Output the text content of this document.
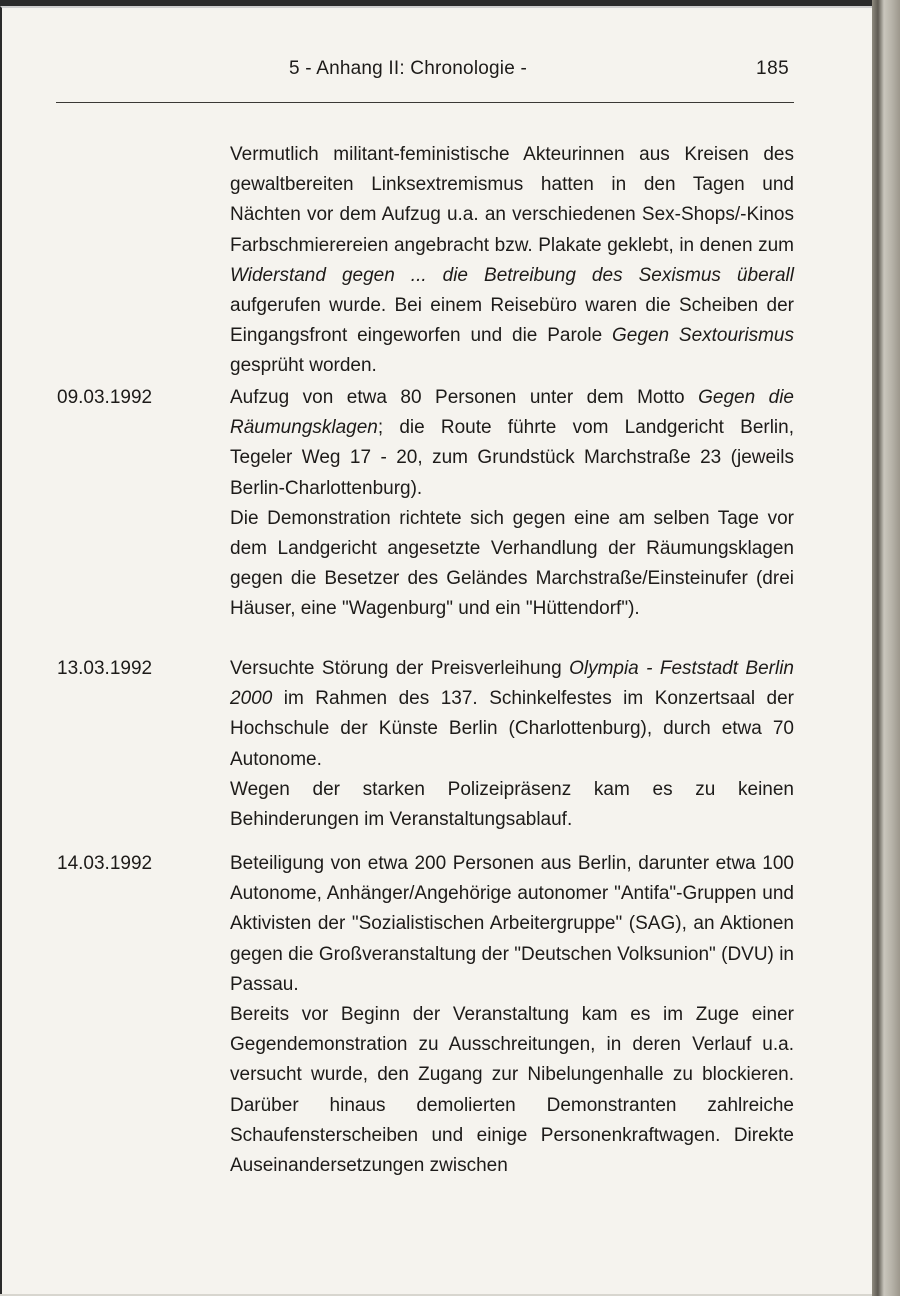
5 - Anhang II: Chronologie -	185

Vermutlich militant-feministische Akteurinnen aus Kreisen des gewaltbereiten Linksextremismus hatten in den Tagen und Nächten vor dem Aufzug u.a. an verschiedenen Sex-Shops/-Kinos Farbschmierereien angebracht bzw. Plakate geklebt, in denen zum Widerstand gegen ... die Betreibung des Sexismus überall aufgerufen wurde. Bei einem Reisebüro waren die Scheiben der Eingangsfront eingeworfen und die Parole Gegen Sextourismus gesprüht worden.

09.03.1992	Aufzug von etwa 80 Personen unter dem Motto Gegen die Räumungsklagen; die Route führte vom Landgericht Berlin, Tegeler Weg 17 - 20, zum Grundstück Marchstraße 23 (jeweils Berlin-Charlottenburg).

Die Demonstration richtete sich gegen eine am selben Tage vor dem Landgericht angesetzte Verhandlung der Räumungsklagen gegen die Besetzer des Geländes Marchstraße/Einsteinufer (drei Häuser, eine "Wagenburg" und ein "Hüttendorf").

13.03.1992	Versuchte Störung der Preisverleihung Olympia - Feststadt Berlin 2000 im Rahmen des 137. Schinkelfestes im Konzertsaal der Hochschule der Künste Berlin (Charlottenburg), durch etwa 70 Autonome.

Wegen der starken Polizeipräsenz kam es zu keinen Behinderungen im Veranstaltungsablauf.

14.03.1992	Beteiligung von etwa 200 Personen aus Berlin, darunter etwa 100 Autonome, Anhänger/Angehörige autonomer "Antifa"-Gruppen und Aktivisten der "Sozialistischen Arbeitergruppe" (SAG), an Aktionen gegen die Großveranstaltung der "Deutschen Volksunion" (DVU) in Passau.

Bereits vor Beginn der Veranstaltung kam es im Zuge einer Gegendemonstration zu Ausschreitungen, in deren Verlauf u.a. versucht wurde, den Zugang zur Nibelungenhalle zu blockieren. Darüber hinaus demolierten Demonstranten zahlreiche Schaufensterscheiben und einige Personenkraftwagen. Direkte Auseinandersetzungen zwischen
